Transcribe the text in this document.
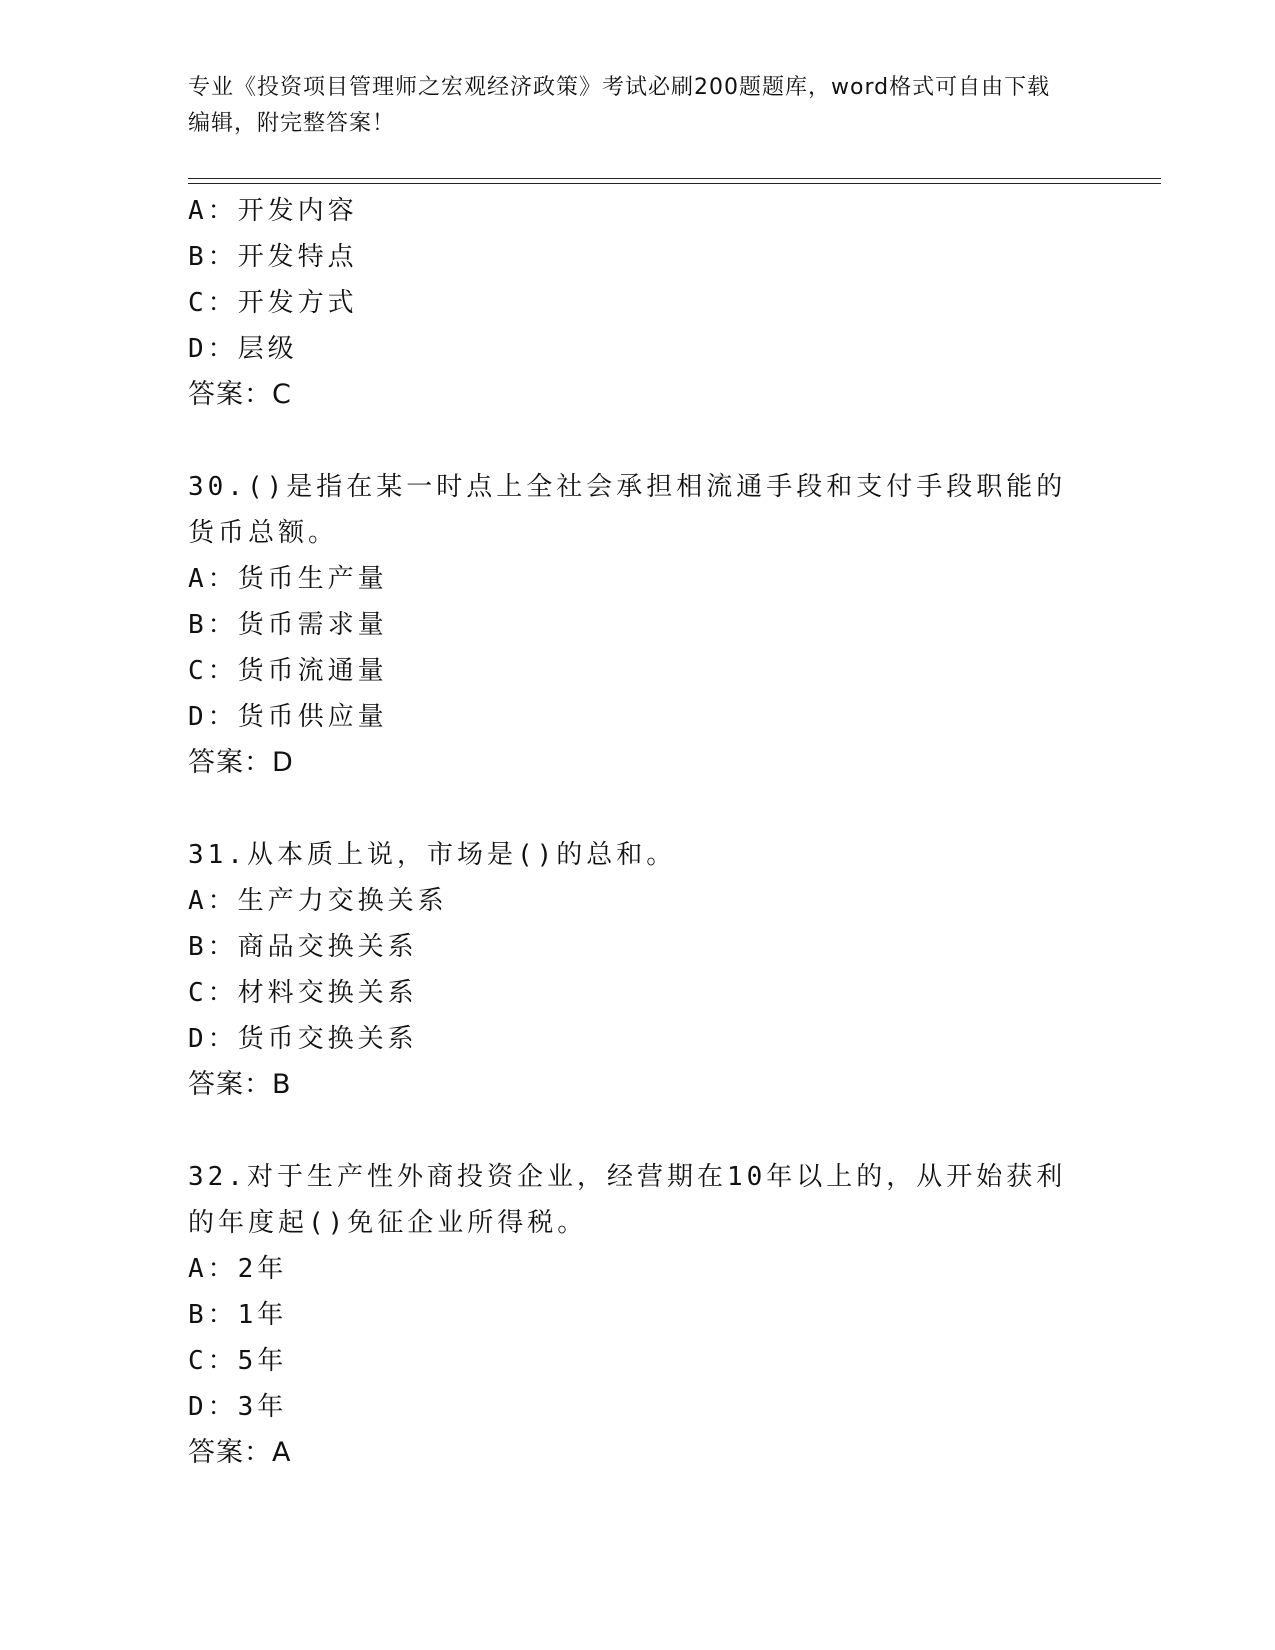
专业《投资项目管理师之宏观经济政策》考试必刷200题题库，word格式可自由下载编辑，附完整答案！

A：开发内容

B：开发特点

C：开发方式

D：层级

答案：C

30.()是指在某一时点上全社会承担相流通手段和支付手段职能的货币总额。

A：货币生产量

B：货币需求量

C：货币流通量

D：货币供应量

答案：D

31.从本质上说，市场是()的总和。

A：生产力交换关系

B：商品交换关系

C：材料交换关系

D：货币交换关系

答案：B

32.对于生产性外商投资企业，经营期在10年以上的，从开始获利的年度起()免征企业所得税。

A：2年

B：1年

C：5年

D：3年

答案：A
